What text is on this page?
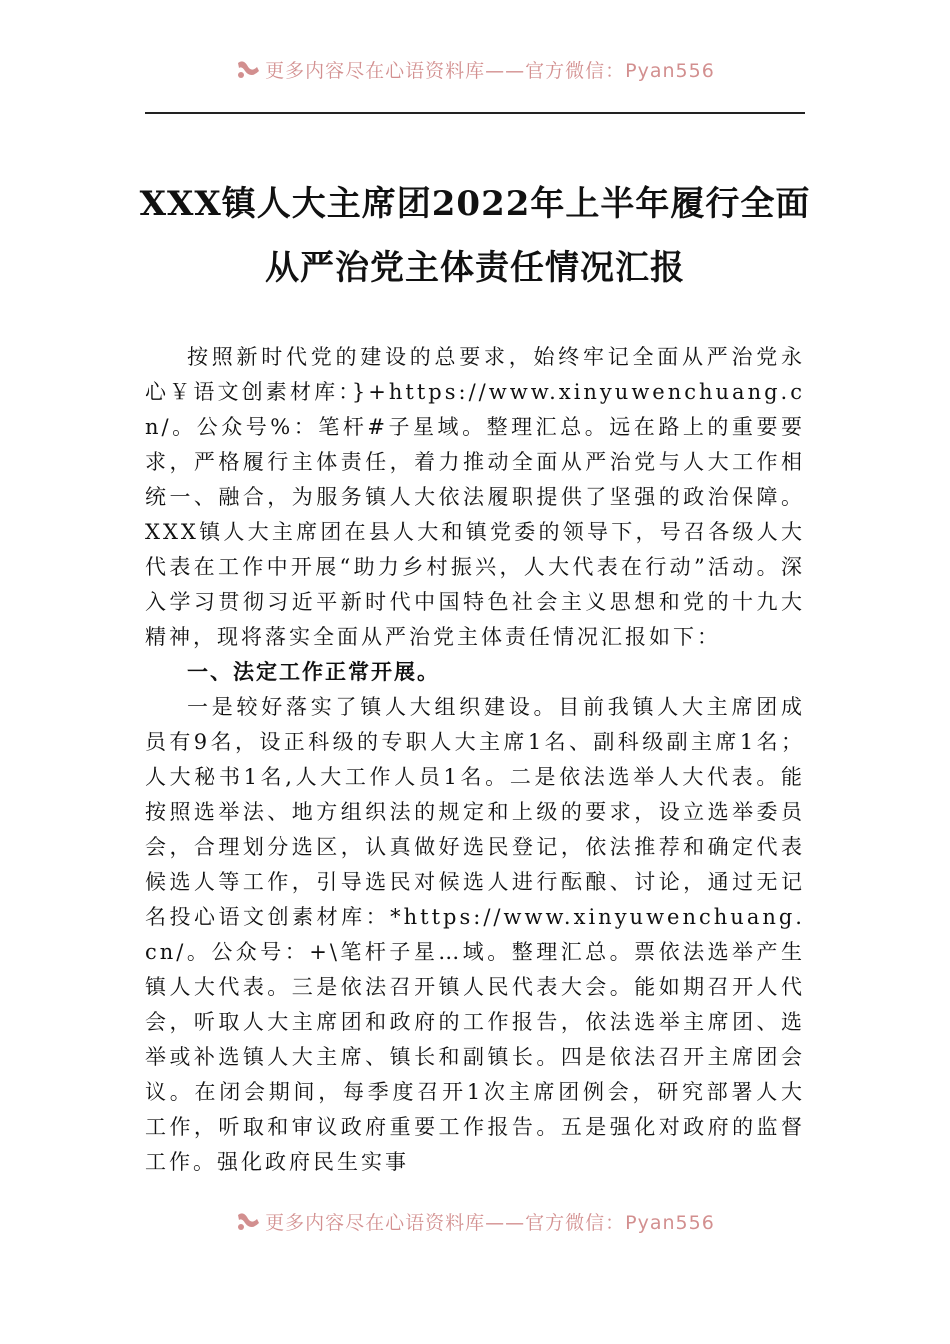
更多内容尽在心语资料库——官方微信：Pyan556
XXX镇人大主席团2022年上半年履行全面
从严治党主体责任情况汇报

按照新时代党的建设的总要求，始终牢记全面从严治党永心￥语文创素材库：}+https://www.xinyuwenchuang.cn/。公众号%：笔杆#子星域。整理汇总。远在路上的重要要求，严格履行主体责任，着力推动全面从严治党与人大工作相统一、融合，为服务镇人大依法履职提供了坚强的政治保障。XXX镇人大主席团在县人大和镇党委的领导下，号召各级人大代表在工作中开展“助力乡村振兴，人大代表在行动”活动。深入学习贯彻习近平新时代中国特色社会主义思想和党的十九大精神，现将落实全面从严治党主体责任情况汇报如下：

一、法定工作正常开展。

一是较好落实了镇人大组织建设。目前我镇人大主席团成员有9名，设正科级的专职人大主席1名、副科级副主席1名；人大秘书1名,人大工作人员1名。二是依法选举人大代表。能按照选举法、地方组织法的规定和上级的要求，设立选举委员会，合理划分选区，认真做好选民登记，依法推荐和确定代表候选人等工作，引导选民对候选人进行酝酿、讨论，通过无记名投心语文创素材库：*https://www.xinyuwenchuang.cn/。公众号：+\笔杆子星…域。整理汇总。票依法选举产生镇人大代表。三是依法召开镇人民代表大会。能如期召开人代会，听取人大主席团和政府的工作报告，依法选举主席团、选举或补选镇人大主席、镇长和副镇长。四是依法召开主席团会议。在闭会期间，每季度召开1次主席团例会，研究部署人大工作，听取和审议政府重要工作报告。五是强化对政府的监督工作。强化政府民生实事

更多内容尽在心语资料库——官方微信：Pyan556
